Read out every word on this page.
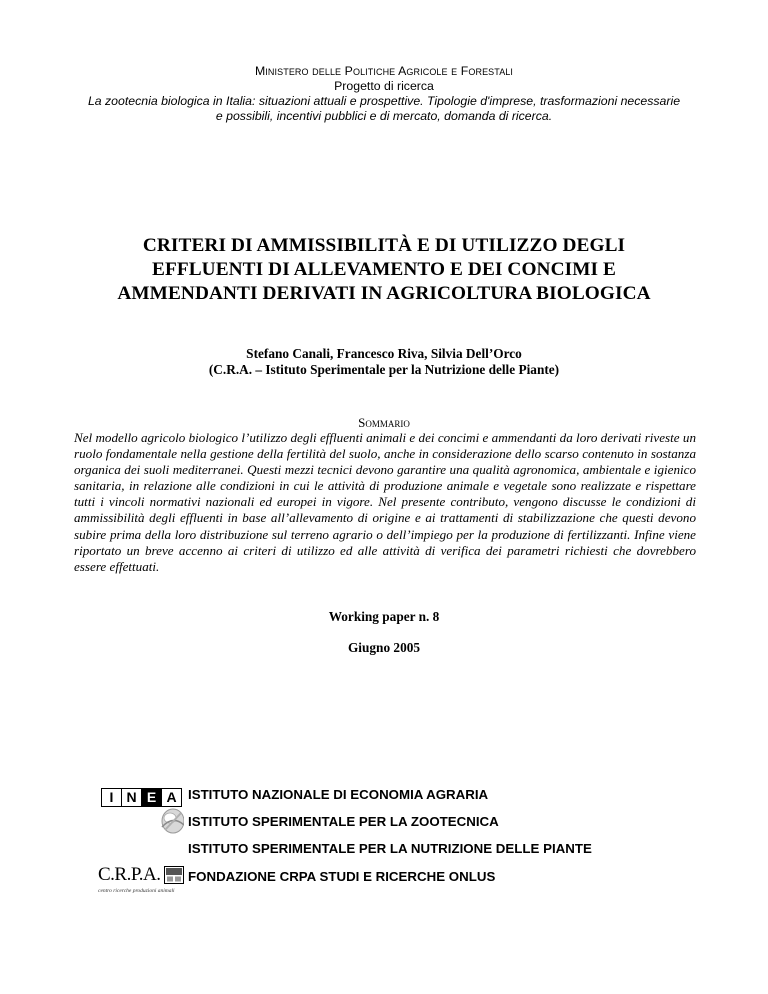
Ministero delle Politiche Agricole e Forestali
Progetto di ricerca
La zootecnia biologica in Italia: situazioni attuali e prospettive. Tipologie d'imprese, trasformazioni necessarie
e possibili, incentivi pubblici e di mercato, domanda di ricerca.
CRITERI DI AMMISSIBILITÀ E DI UTILIZZO DEGLI
EFFLUENTI DI ALLEVAMENTO E DEI CONCIMI E
AMMENDANTI DERIVATI IN AGRICOLTURA BIOLOGICA
Stefano Canali, Francesco Riva, Silvia Dell’Orco
(C.R.A. – Istituto Sperimentale per la Nutrizione delle Piante)
Sommario
Nel modello agricolo biologico l’utilizzo degli effluenti animali e dei concimi e ammendanti da loro derivati riveste un ruolo fondamentale nella gestione della fertilità del suolo, anche in considerazione dello scarso contenuto in sostanza organica dei suoli mediterranei. Questi mezzi tecnici devono garantire una qualità agronomica, ambientale e igienico sanitaria, in relazione alle condizioni in cui le attività di produzione animale e vegetale sono realizzate e rispettare tutti i vincoli normativi nazionali ed europei in vigore. Nel presente contributo, vengono discusse le condizioni di ammissibilità degli effluenti in base all’allevamento di origine e ai trattamenti di stabilizzazione che questi devono subire prima della loro distribuzione sul terreno agrario o dell’impiego per la produzione di fertilizzanti. Infine viene riportato un breve accenno ai criteri di utilizzo ed alle attività di verifica dei parametri richiesti che dovrebbero essere effettuati.
Working paper n. 8
Giugno 2005
I N E A ISTITUTO NAZIONALE DI ECONOMIA AGRARIA
ISTITUTO SPERIMENTALE PER LA ZOOTECNICA
ISTITUTO SPERIMENTALE PER LA NUTRIZIONE DELLE PIANTE
C.R.P.A.
centro ricerche produzioni animali
FONDAZIONE CRPA STUDI E RICERCHE ONLUS
